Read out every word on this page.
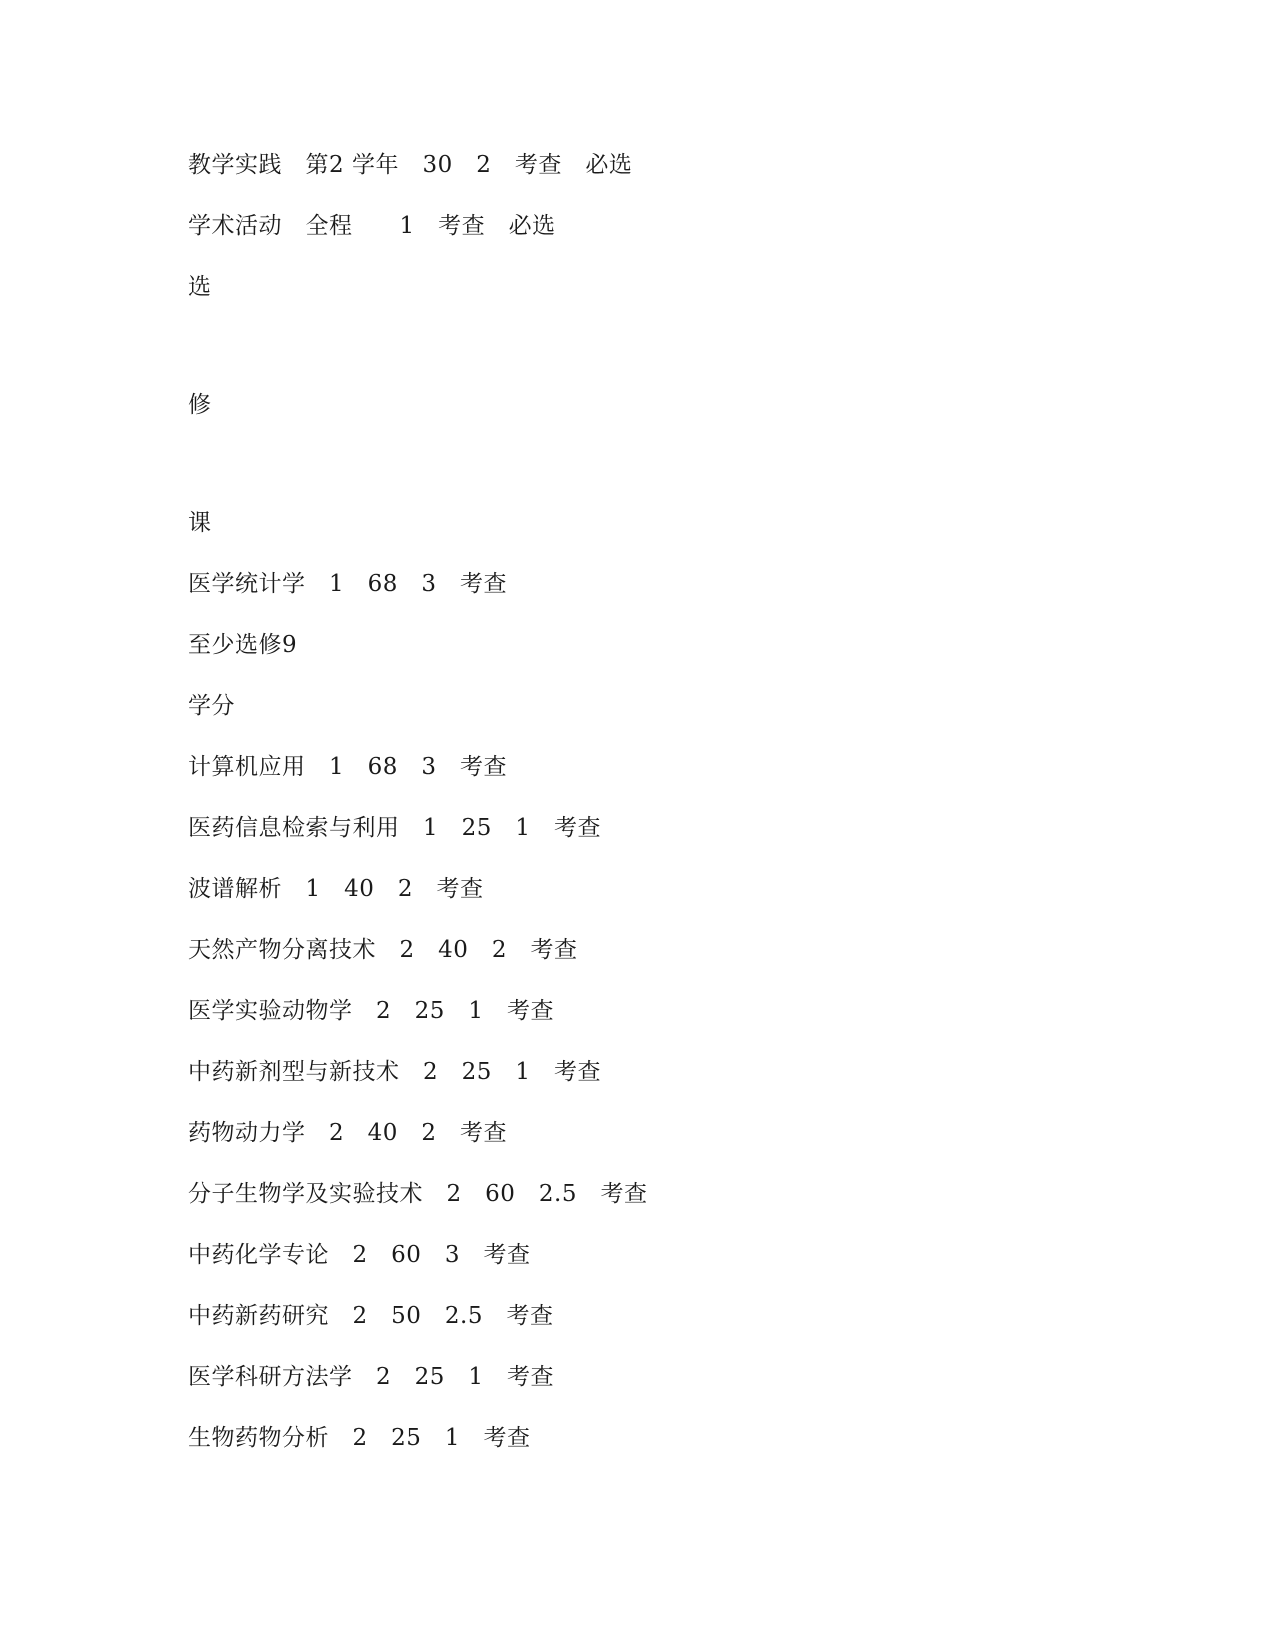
教学实践　第2 学年　30　2　考查　必选
学术活动　全程　　1　考查　必选
选
修
课
医学统计学　1　68　3　考查
至少选修9
学分
计算机应用　1　68　3　考查
医药信息检索与利用　1　25　1　考查
波谱解析　1　40　2　考查
天然产物分离技术　2　40　2　考查
医学实验动物学　2　25　1　考查
中药新剂型与新技术　2　25　1　考查
药物动力学　2　40　2　考查
分子生物学及实验技术　2　60　2.5　考查
中药化学专论　2　60　3　考查
中药新药研究　2　50　2.5　考查
医学科研方法学　2　25　1　考查
生物药物分析　2　25　1　考查
